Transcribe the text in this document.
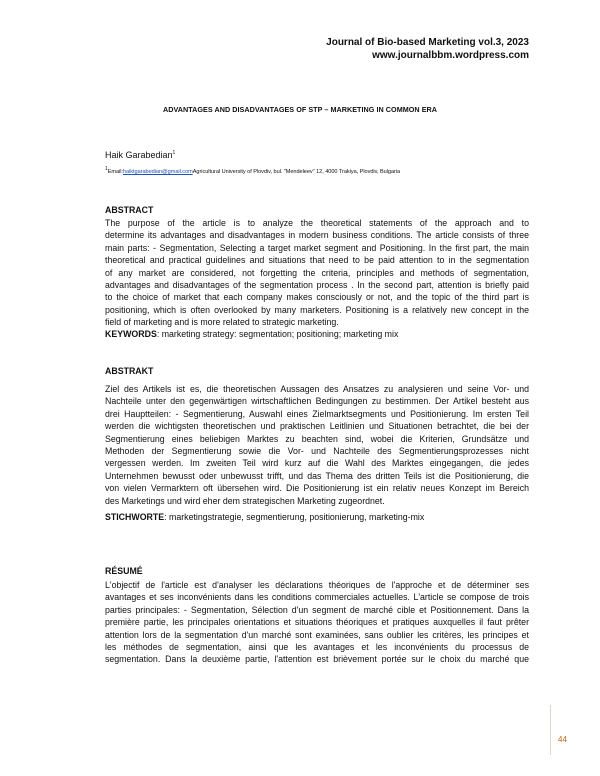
Journal of Bio-based Marketing vol.3, 2023
www.journalbbm.wordpress.com
ADVANTAGES AND DISADVANTAGES OF STP – MARKETING IN COMMON ERA
Haik Garabedian$^1$
$^1$Email:haiktgarabedian@gmail.comAgricultural University of Plovdiv, bul. "Mendeleev" 12, 4000 Trakiya, Plovdiv, Bulgaria
ABSTRACT
The purpose of the article is to analyze the theoretical statements of the approach and to
determine its advantages and disadvantages in modern business conditions. The article consists of three
main parts: - Segmentation, Selecting a target market segment and Positioning. In the first part, the main
theoretical and practical guidelines and situations that need to be paid attention to in the segmentation
of any market are considered, not forgetting the criteria, principles and methods of segmentation,
advantages and disadvantages of the segmentation process . In the second part, attention is briefly paid
to the choice of market that each company makes consciously or not, and the topic of the third part is
positioning, which is often overlooked by many marketers. Positioning is a relatively new concept in the
field of marketing and is more related to strategic marketing.
KEYWORDS: marketing strategy: segmentation; positioning; marketing mix
ABSTRAKT
Ziel des Artikels ist es, die theoretischen Aussagen des Ansatzes zu analysieren und seine Vor- und
Nachteile unter den gegenwärtigen wirtschaftlichen Bedingungen zu bestimmen. Der Artikel besteht aus
drei Hauptteilen: - Segmentierung, Auswahl eines Zielmarktsegments und Positionierung. Im ersten Teil
werden die wichtigsten theoretischen und praktischen Leitlinien und Situationen betrachtet, die bei der
Segmentierung eines beliebigen Marktes zu beachten sind, wobei die Kriterien, Grundsätze und
Methoden der Segmentierung sowie die Vor- und Nachteile des Segmentierungsprozesses nicht
vergessen werden. Im zweiten Teil wird kurz auf die Wahl des Marktes eingegangen, die jedes
Unternehmen bewusst oder unbewusst trifft, und das Thema des dritten Teils ist die Positionierung, die
von vielen Vermarktern oft übersehen wird. Die Positionierung ist ein relativ neues Konzept im Bereich
des Marketings und wird eher dem strategischen Marketing zugeordnet.
STICHWORTE: marketingstrategie, segmentierung, positionierung, marketing-mix
RÉSUMÉ
L'objectif de l'article est d'analyser les déclarations théoriques de l'approche et de déterminer ses
avantages et ses inconvénients dans les conditions commerciales actuelles. L'article se compose de trois
parties principales: - Segmentation, Sélection d'un segment de marché cible et Positionnement. Dans la
première partie, les principales orientations et situations théoriques et pratiques auxquelles il faut prêter
attention lors de la segmentation d'un marché sont examinées, sans oublier les critères, les principes et
les méthodes de segmentation, ainsi que les avantages et les inconvénients du processus de
segmentation. Dans la deuxième partie, l'attention est brièvement portée sur le choix du marché que
44
